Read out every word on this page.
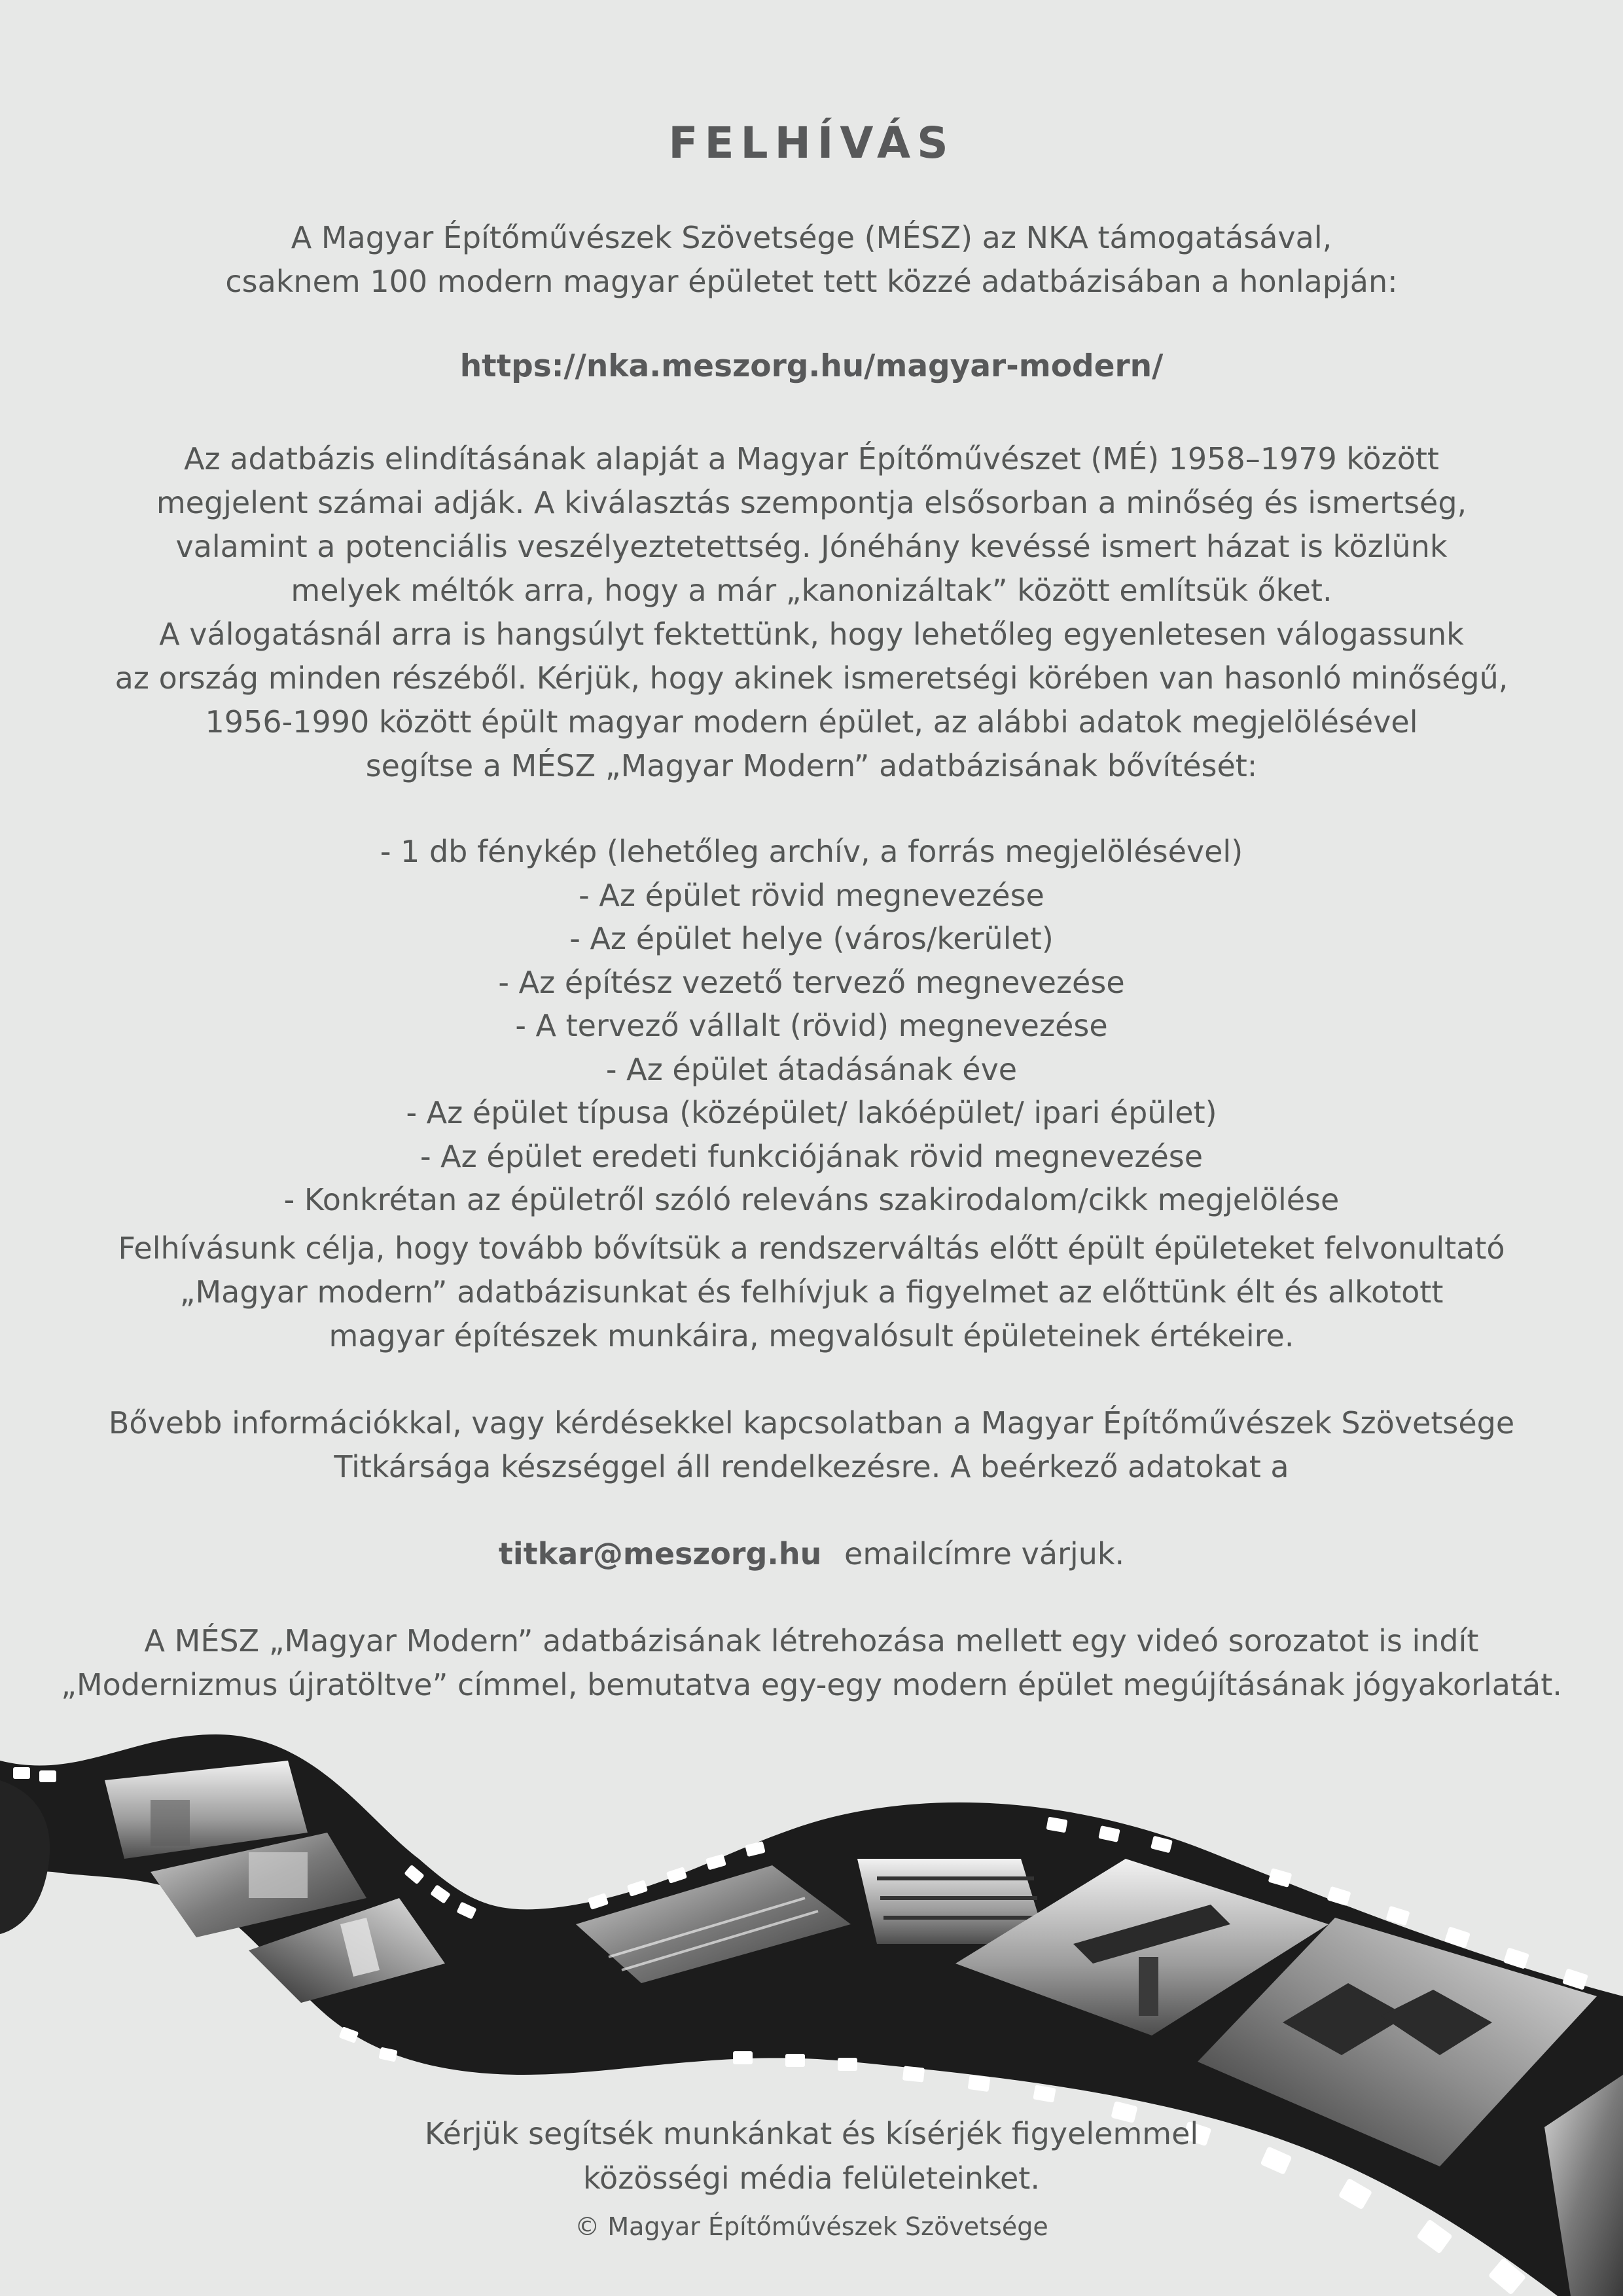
FELHÍVÁS
A Magyar Építőművészek Szövetsége (MÉSZ) az NKA támogatásával,
csaknem 100 modern magyar épületet tett közzé adatbázisában a honlapján:
https://nka.meszorg.hu/magyar-modern/
Az adatbázis elindításának alapját a Magyar Építőművészet (MÉ) 1958–1979 között
megjelent számai adják. A kiválasztás szempontja elsősorban a minőség és ismertség,
valamint a potenciális veszélyeztetettség. Jónéhány kevéssé ismert házat is közlünk
melyek méltók arra, hogy a már „kanonizáltak” között említsük őket.
A válogatásnál arra is hangsúlyt fektettünk, hogy lehetőleg egyenletesen válogassunk
az ország minden részéből. Kérjük, hogy akinek ismeretségi körében van hasonló minőségű,
1956-1990 között épült magyar modern épület, az alábbi adatok megjelölésével
segítse a MÉSZ „Magyar Modern” adatbázisának bővítését:
- 1 db fénykép (lehetőleg archív, a forrás megjelölésével)
- Az épület rövid megnevezése
- Az épület helye (város/kerület)
- Az építész vezető tervező megnevezése
- A tervező vállalt (rövid) megnevezése
- Az épület átadásának éve
- Az épület típusa (középület/ lakóépület/ ipari épület)
- Az épület eredeti funkciójának rövid megnevezése
- Konkrétan az épületről szóló releváns szakirodalom/cikk megjelölése
Felhívásunk célja, hogy tovább bővítsük a rendszerváltás előtt épült épületeket felvonultató
„Magyar modern” adatbázisunkat és felhívjuk a figyelmet az előttünk élt és alkotott
magyar építészek munkáira, megvalósult épületeinek értékeire.
Bővebb információkkal, vagy kérdésekkel kapcsolatban a Magyar Építőművészek Szövetsége
Titkársága készséggel áll rendelkezésre. A beérkező adatokat a
titkar@meszorg.hu emailcímre várjuk.
A MÉSZ „Magyar Modern” adatbázisának létrehozása mellett egy videó sorozatot is indít
„Modernizmus újratöltve” címmel, bemutatva egy-egy modern épület megújításának jógyakorlatát.
Kérjük segítsék munkánkat és kísérjék figyelemmel
közösségi média felületeinket.
© Magyar Építőművészek Szövetsége
